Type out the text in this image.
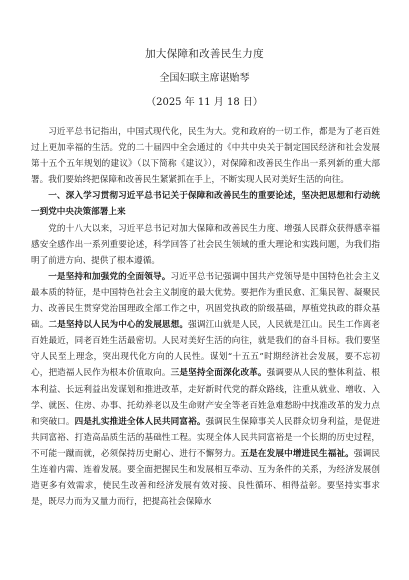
加大保障和改善民生力度
全国妇联主席谌贻琴
（2025 年 11 月 18 日）

习近平总书记指出，中国式现代化，民生为大。党和政府的一切工作，都是为了老百姓过上更加幸福的生活。党的二十届四中全会通过的《中共中央关于制定国民经济和社会发展第十五个五年规划的建议》（以下简称《建议》），对保障和改善民生作出一系列新的重大部署。我们要始终把保障和改善民生紧紧抓在手上，不断实现人民对美好生活的向往。

一、深入学习贯彻习近平总书记关于保障和改善民生的重要论述，坚决把思想和行动统一到党中央决策部署上来

党的十八大以来，习近平总书记对加大保障和改善民生力度、增强人民群众获得感幸福感安全感作出一系列重要论述，科学回答了社会民生领域的重大理论和实践问题，为我们指明了前进方向、提供了根本遵循。

一是坚持和加强党的全面领导。习近平总书记强调中国共产党领导是中国特色社会主义最本质的特征，是中国特色社会主义制度的最大优势。要把作为重民愈、汇集民智、凝聚民力、改善民生贯穿党治国理政全部工作之中，巩固党执政的阶级基础，厚植党执政的群众基础。二是坚持以人民为中心的发展思想。强调江山就是人民，人民就是江山。民生工作离老百姓最近，同老百姓生活最密切。人民对美好生活的向往，就是我们的奋斗目标。我们要坚守人民至上理念，突出现代化方向的人民性。谋划“十五五”时期经济社会发展，要不忘初心，把造福人民作为根本价值取向。三是坚持全面深化改革。强调要从人民的整体利益、根本利益、长远利益出发谋划和推进改革，走好新时代党的群众路线，注重从就业、增收、入学、就医、住房、办事、托幼养老以及生命财产安全等老百姓急难愁盼中找准改革的发力点和突破口。四是扎实推进全体人民共同富裕。强调民生保障事关人民群众切身利益，是促进共同富裕、打造高品质生活的基础性工程。实现全体人民共同富裕是一个长期的历史过程，不可能一蹴而就，必须保持历史耐心、进行不懈努力。五是在发展中增进民生福祉。强调民生连着内需、连着发展。要全面把握民生和发展相互牵动、互为条件的关系，为经济发展创造更多有效需求，使民生改善和经济发展有效对接、良性循环、相得益彰。要坚持实事求是，既尽力而为又量力而行，把提高社会保障水
